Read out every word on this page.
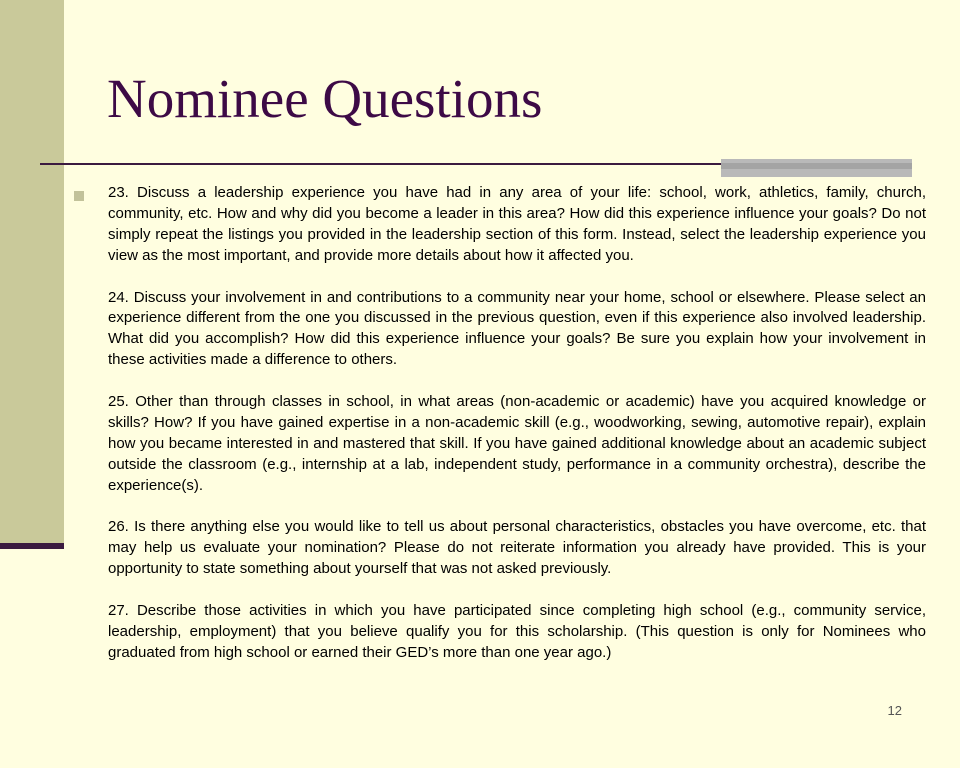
Nominee Questions

23. Discuss a leadership experience you have had in any area of your life: school, work, athletics, family, church, community, etc. How and why did you become a leader in this area? How did this experience influence your goals? Do not simply repeat the listings you provided in the leadership section of this form. Instead, select the leadership experience you view as the most important, and provide more details about how it affected you.

24. Discuss your involvement in and contributions to a community near your home, school or elsewhere. Please select an experience different from the one you discussed in the previous question, even if this experience also involved leadership. What did you accomplish? How did this experience influence your goals? Be sure you explain how your involvement in these activities made a difference to others.

25. Other than through classes in school, in what areas (non-academic or academic) have you acquired knowledge or skills? How? If you have gained expertise in a non-academic skill (e.g., woodworking, sewing, automotive repair), explain how you became interested in and mastered that skill. If you have gained additional knowledge about an academic subject outside the classroom (e.g., internship at a lab, independent study, performance in a community orchestra), describe the experience(s).

26. Is there anything else you would like to tell us about personal characteristics, obstacles you have overcome, etc. that may help us evaluate your nomination? Please do not reiterate information you already have provided. This is your opportunity to state something about yourself that was not asked previously.

27. Describe those activities in which you have participated since completing high school (e.g., community service, leadership, employment) that you believe qualify you for this scholarship. (This question is only for Nominees who graduated from high school or earned their GED’s more than one year ago.)

12
